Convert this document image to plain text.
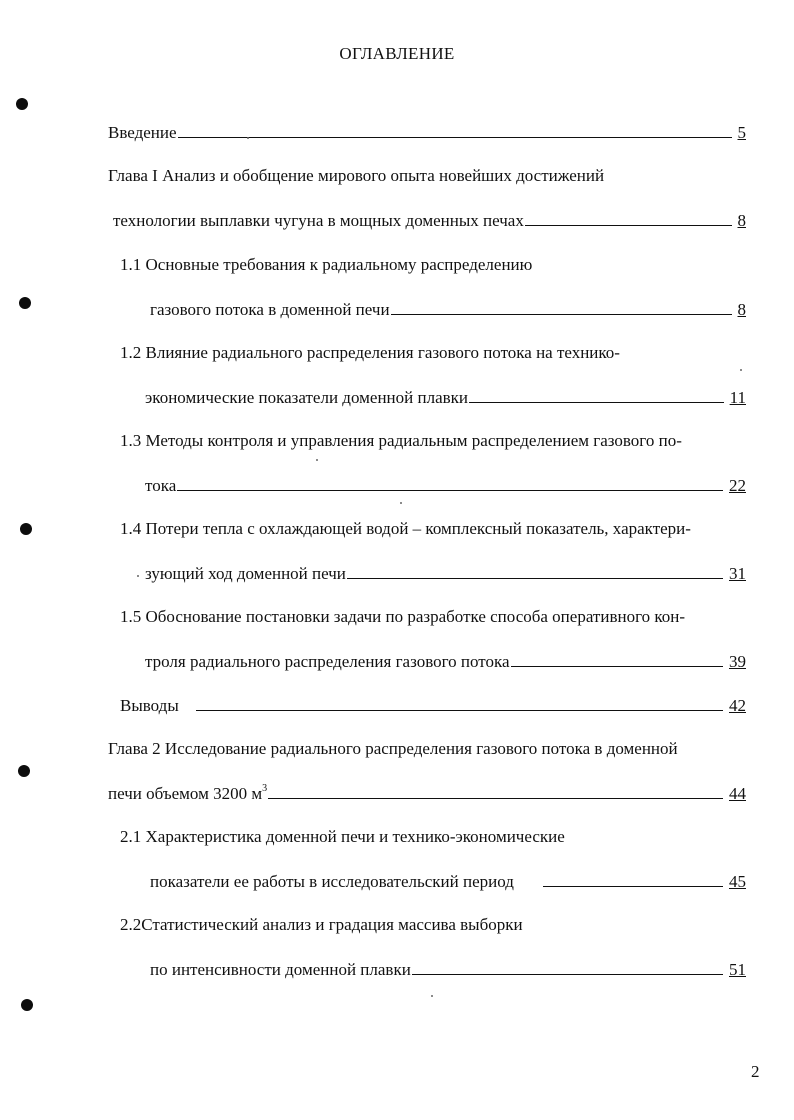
ОГЛАВЛЕНИЕ
Введение	5
Глава I Анализ и обобщение мирового опыта новейших достижений
технологии выплавки чугуна в мощных доменных печах	8
1.1 Основные требования к радиальному распределению
газового потока в доменной печи	8
1.2 Влияние радиального распределения газового потока на технико-
экономические показатели доменной плавки	11
1.3 Методы контроля и управления радиальным распределением газового по-
тока	22
1.4 Потери тепла с охлаждающей водой – комплексный показатель, характери-
зующий ход доменной печи	31
1.5 Обоснование постановки задачи по разработке способа оперативного кон-
троля радиального распределения газового потока	39
Выводы	42
Глава 2 Исследование радиального распределения газового потока в доменной
печи объемом 3200 $м^3$	44
2.1 Характеристика доменной печи и технико-экономические
показатели ее работы в исследовательский период	45
2.2Статистический анализ и градация массива выборки
по интенсивности доменной плавки	51
2
